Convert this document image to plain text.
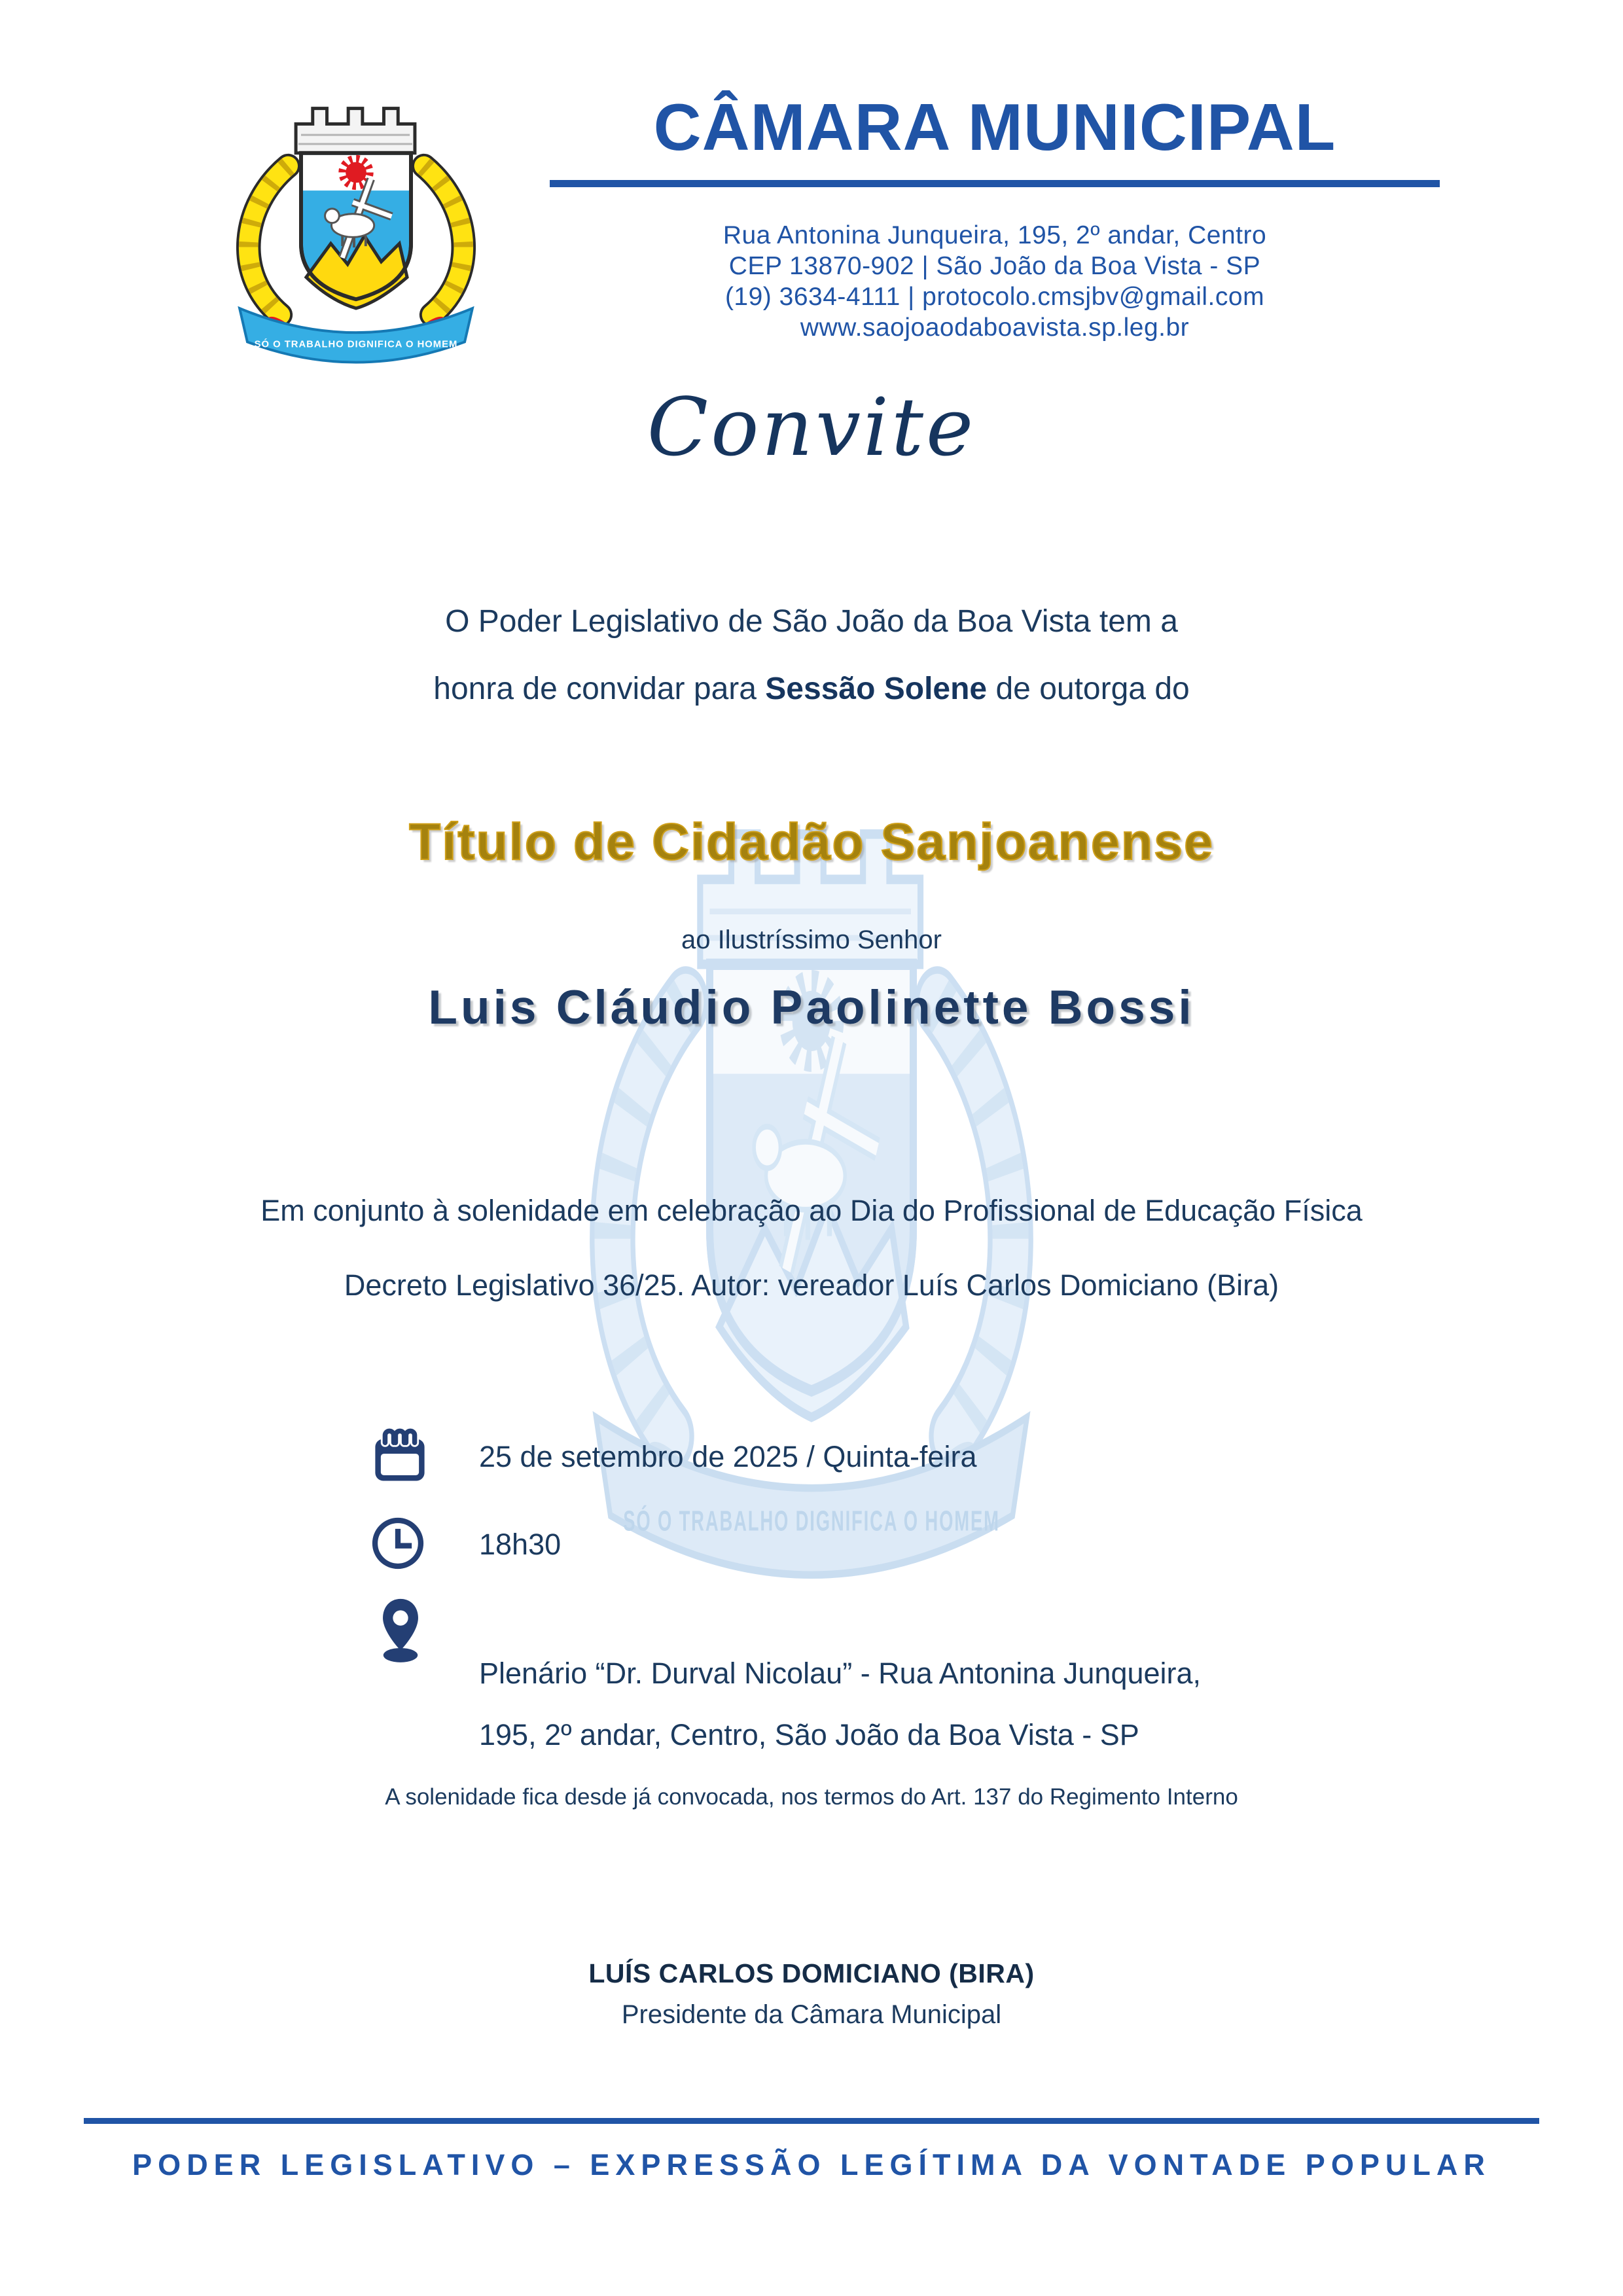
CÂMARA MUNICIPAL
Rua Antonina Junqueira, 195, 2º andar, Centro
CEP 13870-902 | São João da Boa Vista - SP
(19) 3634-4111 | protocolo.cmsjbv@gmail.com
www.saojoaodaboavista.sp.leg.br
Convite
O Poder Legislativo de São João da Boa Vista tem a
honra de convidar para Sessão Solene de outorga do
Título de Cidadão Sanjoanense
ao Ilustríssimo Senhor
Luis Cláudio Paolinette Bossi
Em conjunto à solenidade em celebração ao Dia do Profissional de Educação Física
Decreto Legislativo 36/25. Autor: vereador Luís Carlos Domiciano (Bira)
25 de setembro de 2025 / Quinta-feira
18h30
Plenário “Dr. Durval Nicolau” - Rua Antonina Junqueira,
195, 2º andar, Centro, São João da Boa Vista - SP
A solenidade fica desde já convocada, nos termos do Art. 137 do Regimento Interno
LUÍS CARLOS DOMICIANO (BIRA)
Presidente da Câmara Municipal
PODER LEGISLATIVO – EXPRESSÃO LEGÍTIMA DA VONTADE POPULAR
